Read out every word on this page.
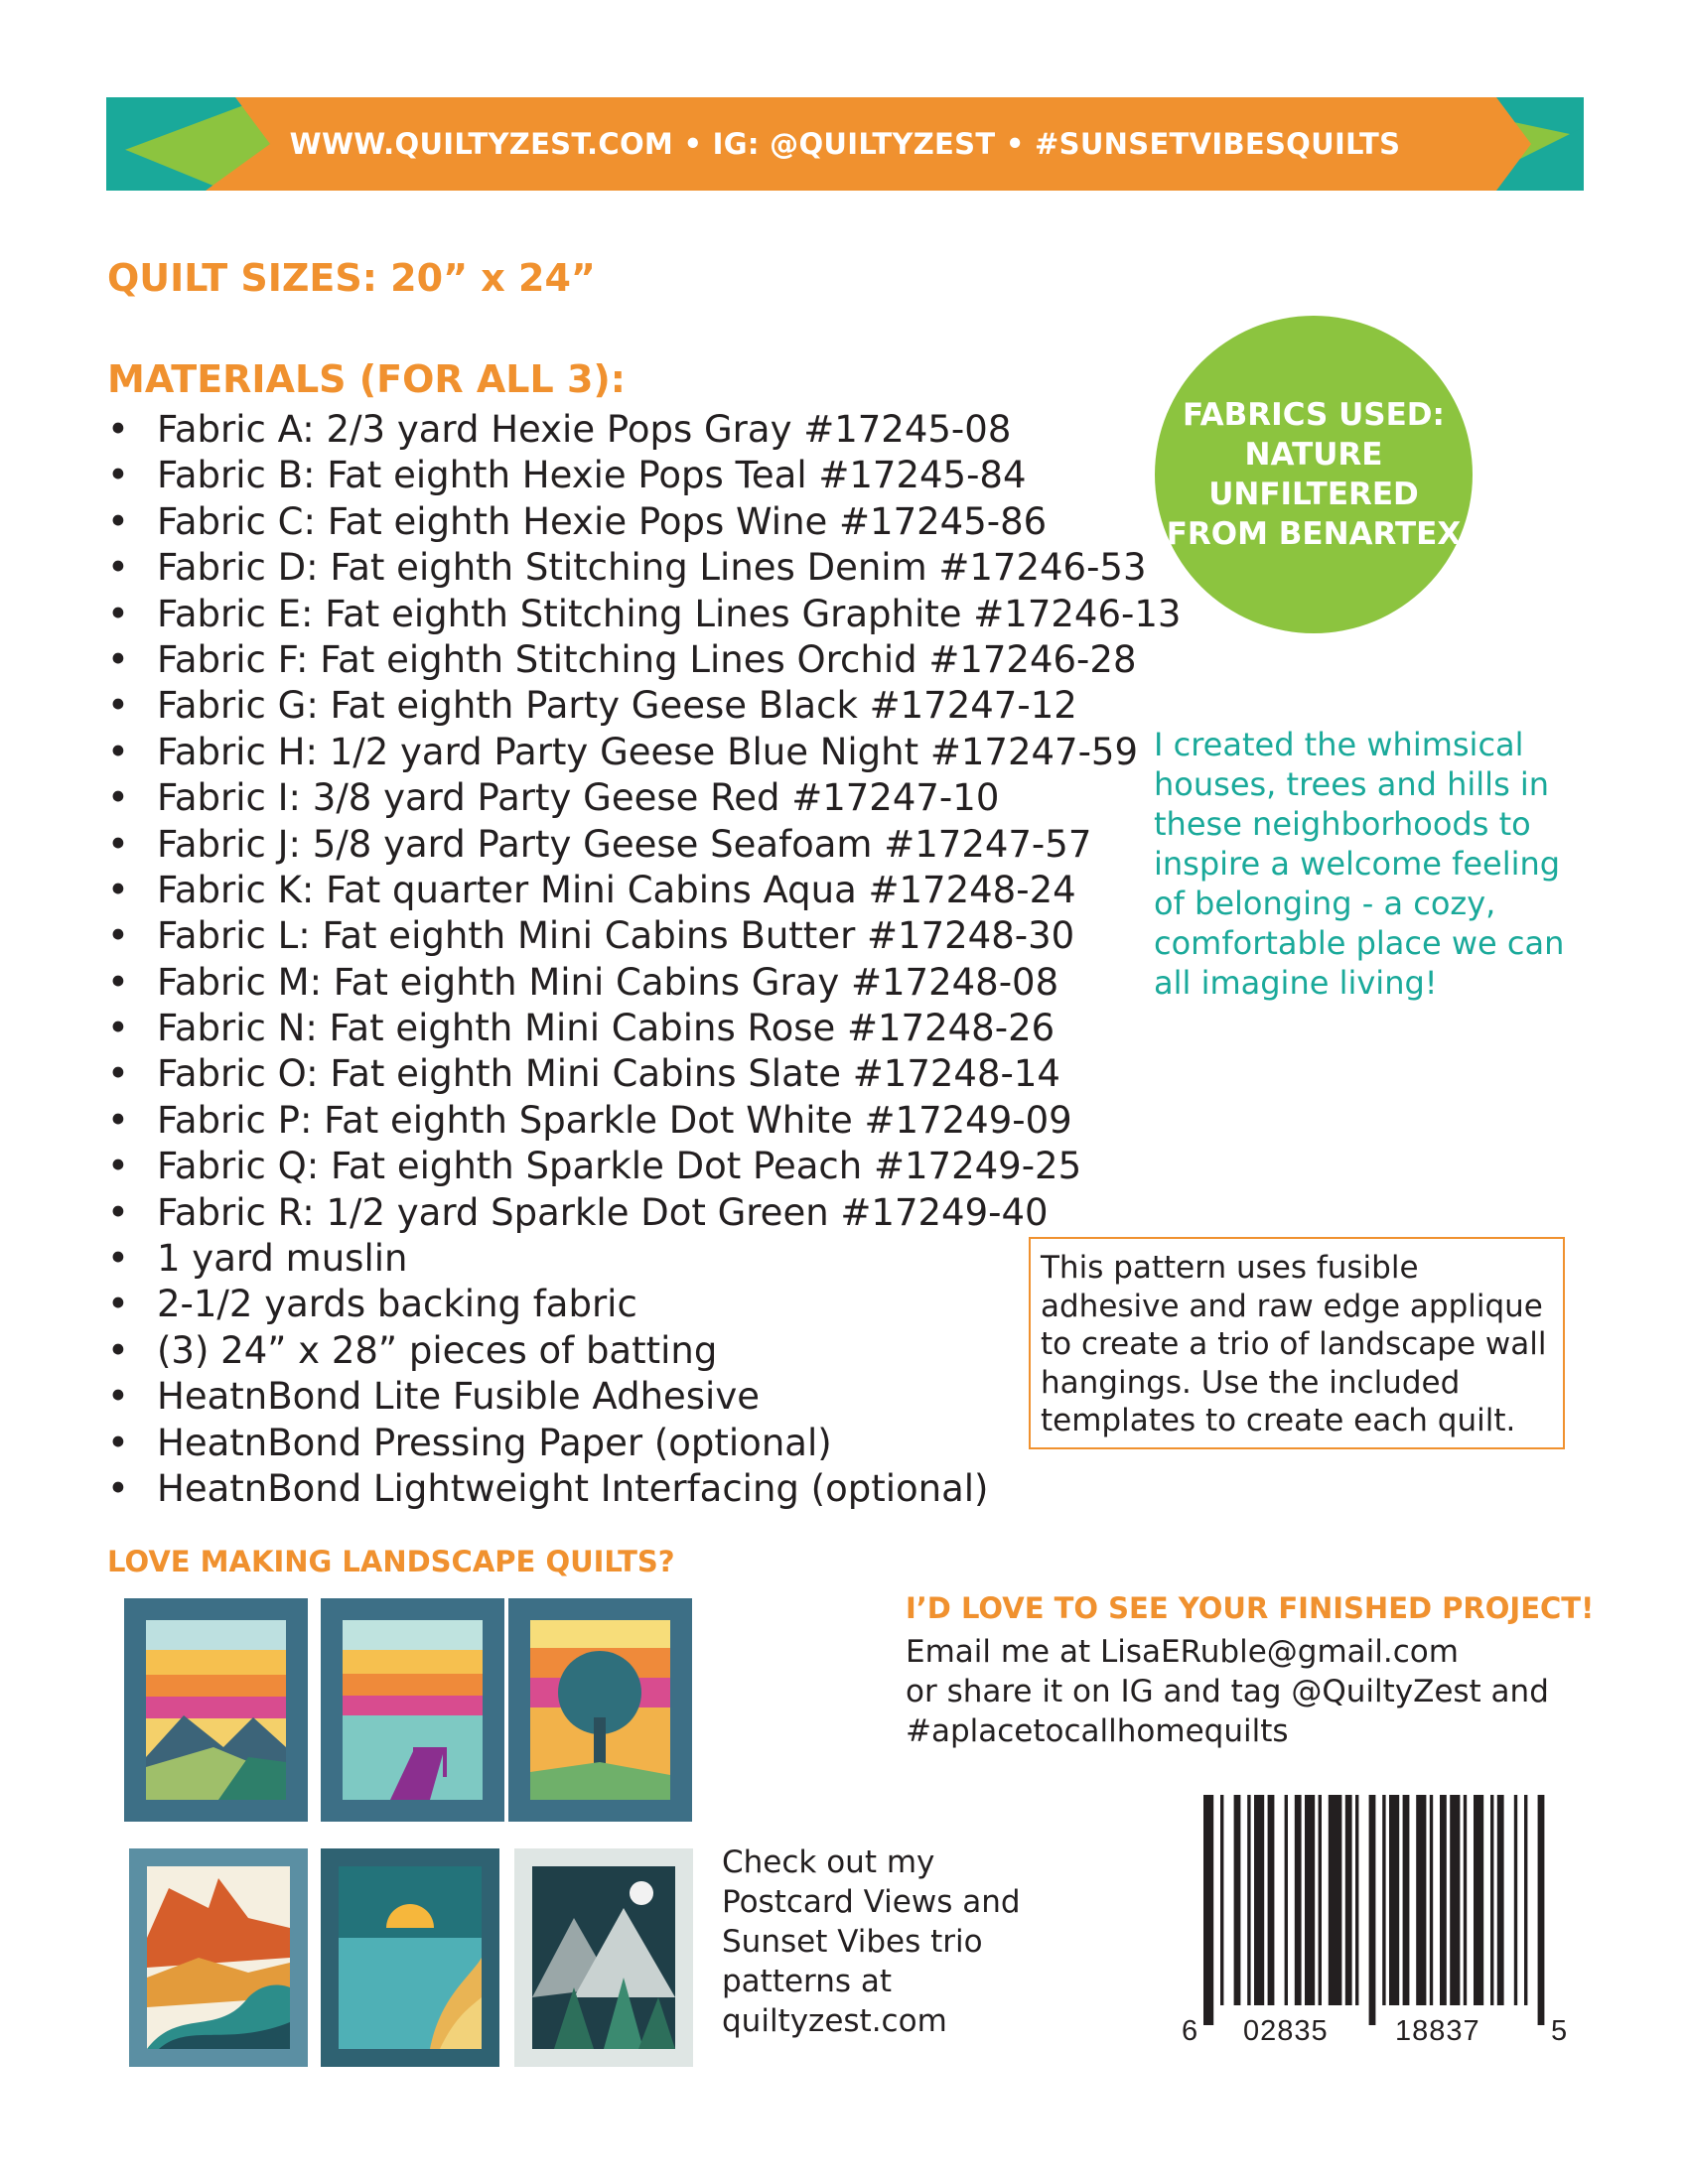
WWW.QUILTYZEST.COM • IG: @QUILTYZEST • #SUNSETVIBESQUILTS
QUILT SIZES: 20” x 24”
MATERIALS (FOR ALL 3):
• Fabric A: 2/3 yard Hexie Pops Gray #17245-08
• Fabric B: Fat eighth Hexie Pops Teal #17245-84
• Fabric C: Fat eighth Hexie Pops Wine #17245-86
• Fabric D: Fat eighth Stitching Lines Denim #17246-53
• Fabric E: Fat eighth Stitching Lines Graphite #17246-13
• Fabric F: Fat eighth Stitching Lines Orchid #17246-28
• Fabric G: Fat eighth Party Geese Black #17247-12
• Fabric H: 1/2 yard Party Geese Blue Night #17247-59
• Fabric I: 3/8 yard Party Geese Red #17247-10
• Fabric J: 5/8 yard Party Geese Seafoam #17247-57
• Fabric K: Fat quarter Mini Cabins Aqua #17248-24
• Fabric L: Fat eighth Mini Cabins Butter #17248-30
• Fabric M: Fat eighth Mini Cabins Gray #17248-08
• Fabric N: Fat eighth Mini Cabins Rose #17248-26
• Fabric O: Fat eighth Mini Cabins Slate #17248-14
• Fabric P: Fat eighth Sparkle Dot White #17249-09
• Fabric Q: Fat eighth Sparkle Dot Peach #17249-25
• Fabric R: 1/2 yard Sparkle Dot Green #17249-40
• 1 yard muslin
• 2-1/2 yards backing fabric
• (3) 24” x 28” pieces of batting
• HeatnBond Lite Fusible Adhesive
• HeatnBond Pressing Paper (optional)
• HeatnBond Lightweight Interfacing (optional)
FABRICS USED:
NATURE
UNFILTERED
FROM BENARTEX
I created the whimsical houses, trees and hills in these neighborhoods to inspire a welcome feeling of belonging - a cozy, comfortable place we can all imagine living!
This pattern uses fusible adhesive and raw edge applique to create a trio of landscape wall hangings. Use the included templates to create each quilt.
LOVE MAKING LANDSCAPE QUILTS?
I’D LOVE TO SEE YOUR FINISHED PROJECT!
Email me at LisaERuble@gmail.com
or share it on IG and tag @QuiltyZest and
#aplacetocallhomequilts
Check out my
Postcard Views and
Sunset Vibes trio
patterns at
quiltyzest.com	6 02835 18837 5
